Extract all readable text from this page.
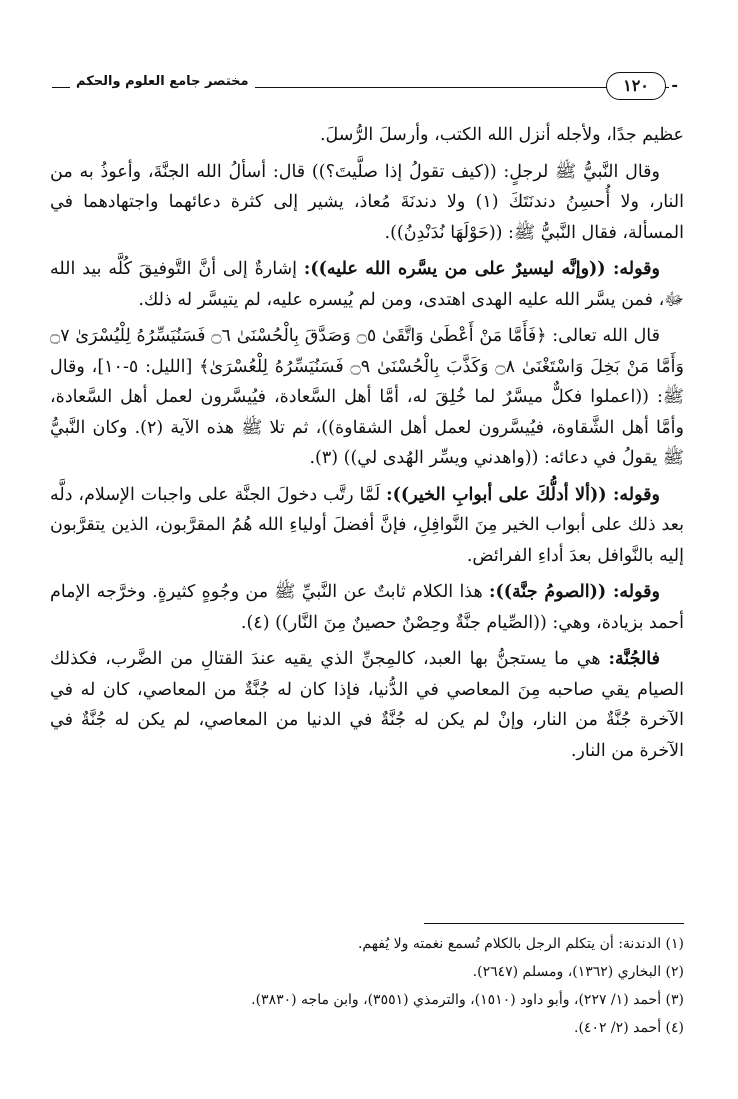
-
١٢٠
مختصر جامع العلوم والحكم

عظيم جدًا، ولأجله أنزل الله الكتب، وأرسلَ الرُّسلَ.

وقال النَّبيُّ ﷺ لرجلٍ: ((كيف تقولُ إذا صلَّيتَ؟)) قال: أسألُ الله الجنَّةَ، وأعوذُ به من النار، ولا أُحسِنُ دندنَتَكَ (١) ولا دندنَةَ مُعاذ، يشير إلى كثرة دعائهما واجتهادهما في المسألة، فقال النَّبيُّ ﷺ: ((حَوْلَهَا نُدَنْدِنُ)).

وقوله: ((وإنَّه ليسيرٌ على من يسَّره الله عليه)): إشارةٌ إلى أنَّ التَّوفيقَ كُلَّه بيد الله ﷻ، فمن يسَّر الله عليه الهدى اهتدى، ومن لم يُيسره عليه، لم يتيسَّر له ذلك.

قال الله تعالى: ﴿فَأَمَّا مَنْ أَعْطَىٰ وَاتَّقَىٰ ۝٥ وَصَدَّقَ بِالْحُسْنَىٰ ۝٦ فَسَنُيَسِّرُهُ لِلْيُسْرَىٰ ۝٧ وَأَمَّا مَنْ بَخِلَ وَاسْتَغْنَىٰ ۝٨ وَكَذَّبَ بِالْحُسْنَىٰ ۝٩ فَسَنُيَسِّرُهُ لِلْعُسْرَىٰ﴾ [الليل: ٥-١٠]، وقال ﷺ: ((اعملوا فكلٌّ ميسَّرٌ لما خُلِقَ له، أمَّا أهل السَّعادة، فيُيسَّرون لعمل أهل السَّعادة، وأمَّا أهل الشَّقاوة، فيُيسَّرون لعمل أهل الشقاوة))، ثم تلا ﷺ هذه الآية (٢). وكان النَّبيُّ ﷺ يقولُ في دعائه: ((واهدني ويسِّر الهُدى لي)) (٣).

وقوله: ((ألا أدلُّكَ على أبوابِ الخير)): لَمَّا رتَّب دخولَ الجنَّة على واجبات الإسلام، دلَّه بعد ذلك على أبواب الخير مِنَ النَّوافِلِ، فإنَّ أفضلَ أولياءِ الله هُمُ المقرَّبون، الذين يتقرَّبون إليه بالنَّوافل بعدَ أداءِ الفرائض.

وقوله: ((الصومُ جنَّة)): هذا الكلام ثابتٌ عن النَّبيِّ ﷺ من وجُوهٍ كثيرةٍ. وخرَّجه الإمام أحمد بزيادة، وهي: ((الصِّيام جنَّةٌ وحِصْنٌ حصينٌ مِنَ النَّار)) (٤).

فالجُنَّة: هي ما يستجنُّ بها العبد، كالمِجنِّ الذي يقيه عندَ القتالِ من الضَّرب، فكذلك الصيام يقي صاحبه مِنَ المعاصي في الدُّنيا، فإذا كان له جُنَّةٌ من المعاصي، كان له في الآخرة جُنَّةٌ من النار، وإنْ لم يكن له جُنَّةٌ في الدنيا من المعاصي، لم يكن له جُنَّةٌ في الآخرة من النار.

(١) الدندنة: أن يتكلم الرجل بالكلام تُسمع نغمته ولا يُفهم.
(٢) البخاري (١٣٦٢)، ومسلم (٢٦٤٧).
(٣) أحمد (١/ ٢٢٧)، وأبو داود (١٥١٠)، والترمذي (٣٥٥١)، وابن ماجه (٣٨٣٠).
(٤) أحمد (٢/ ٤٠٢).
